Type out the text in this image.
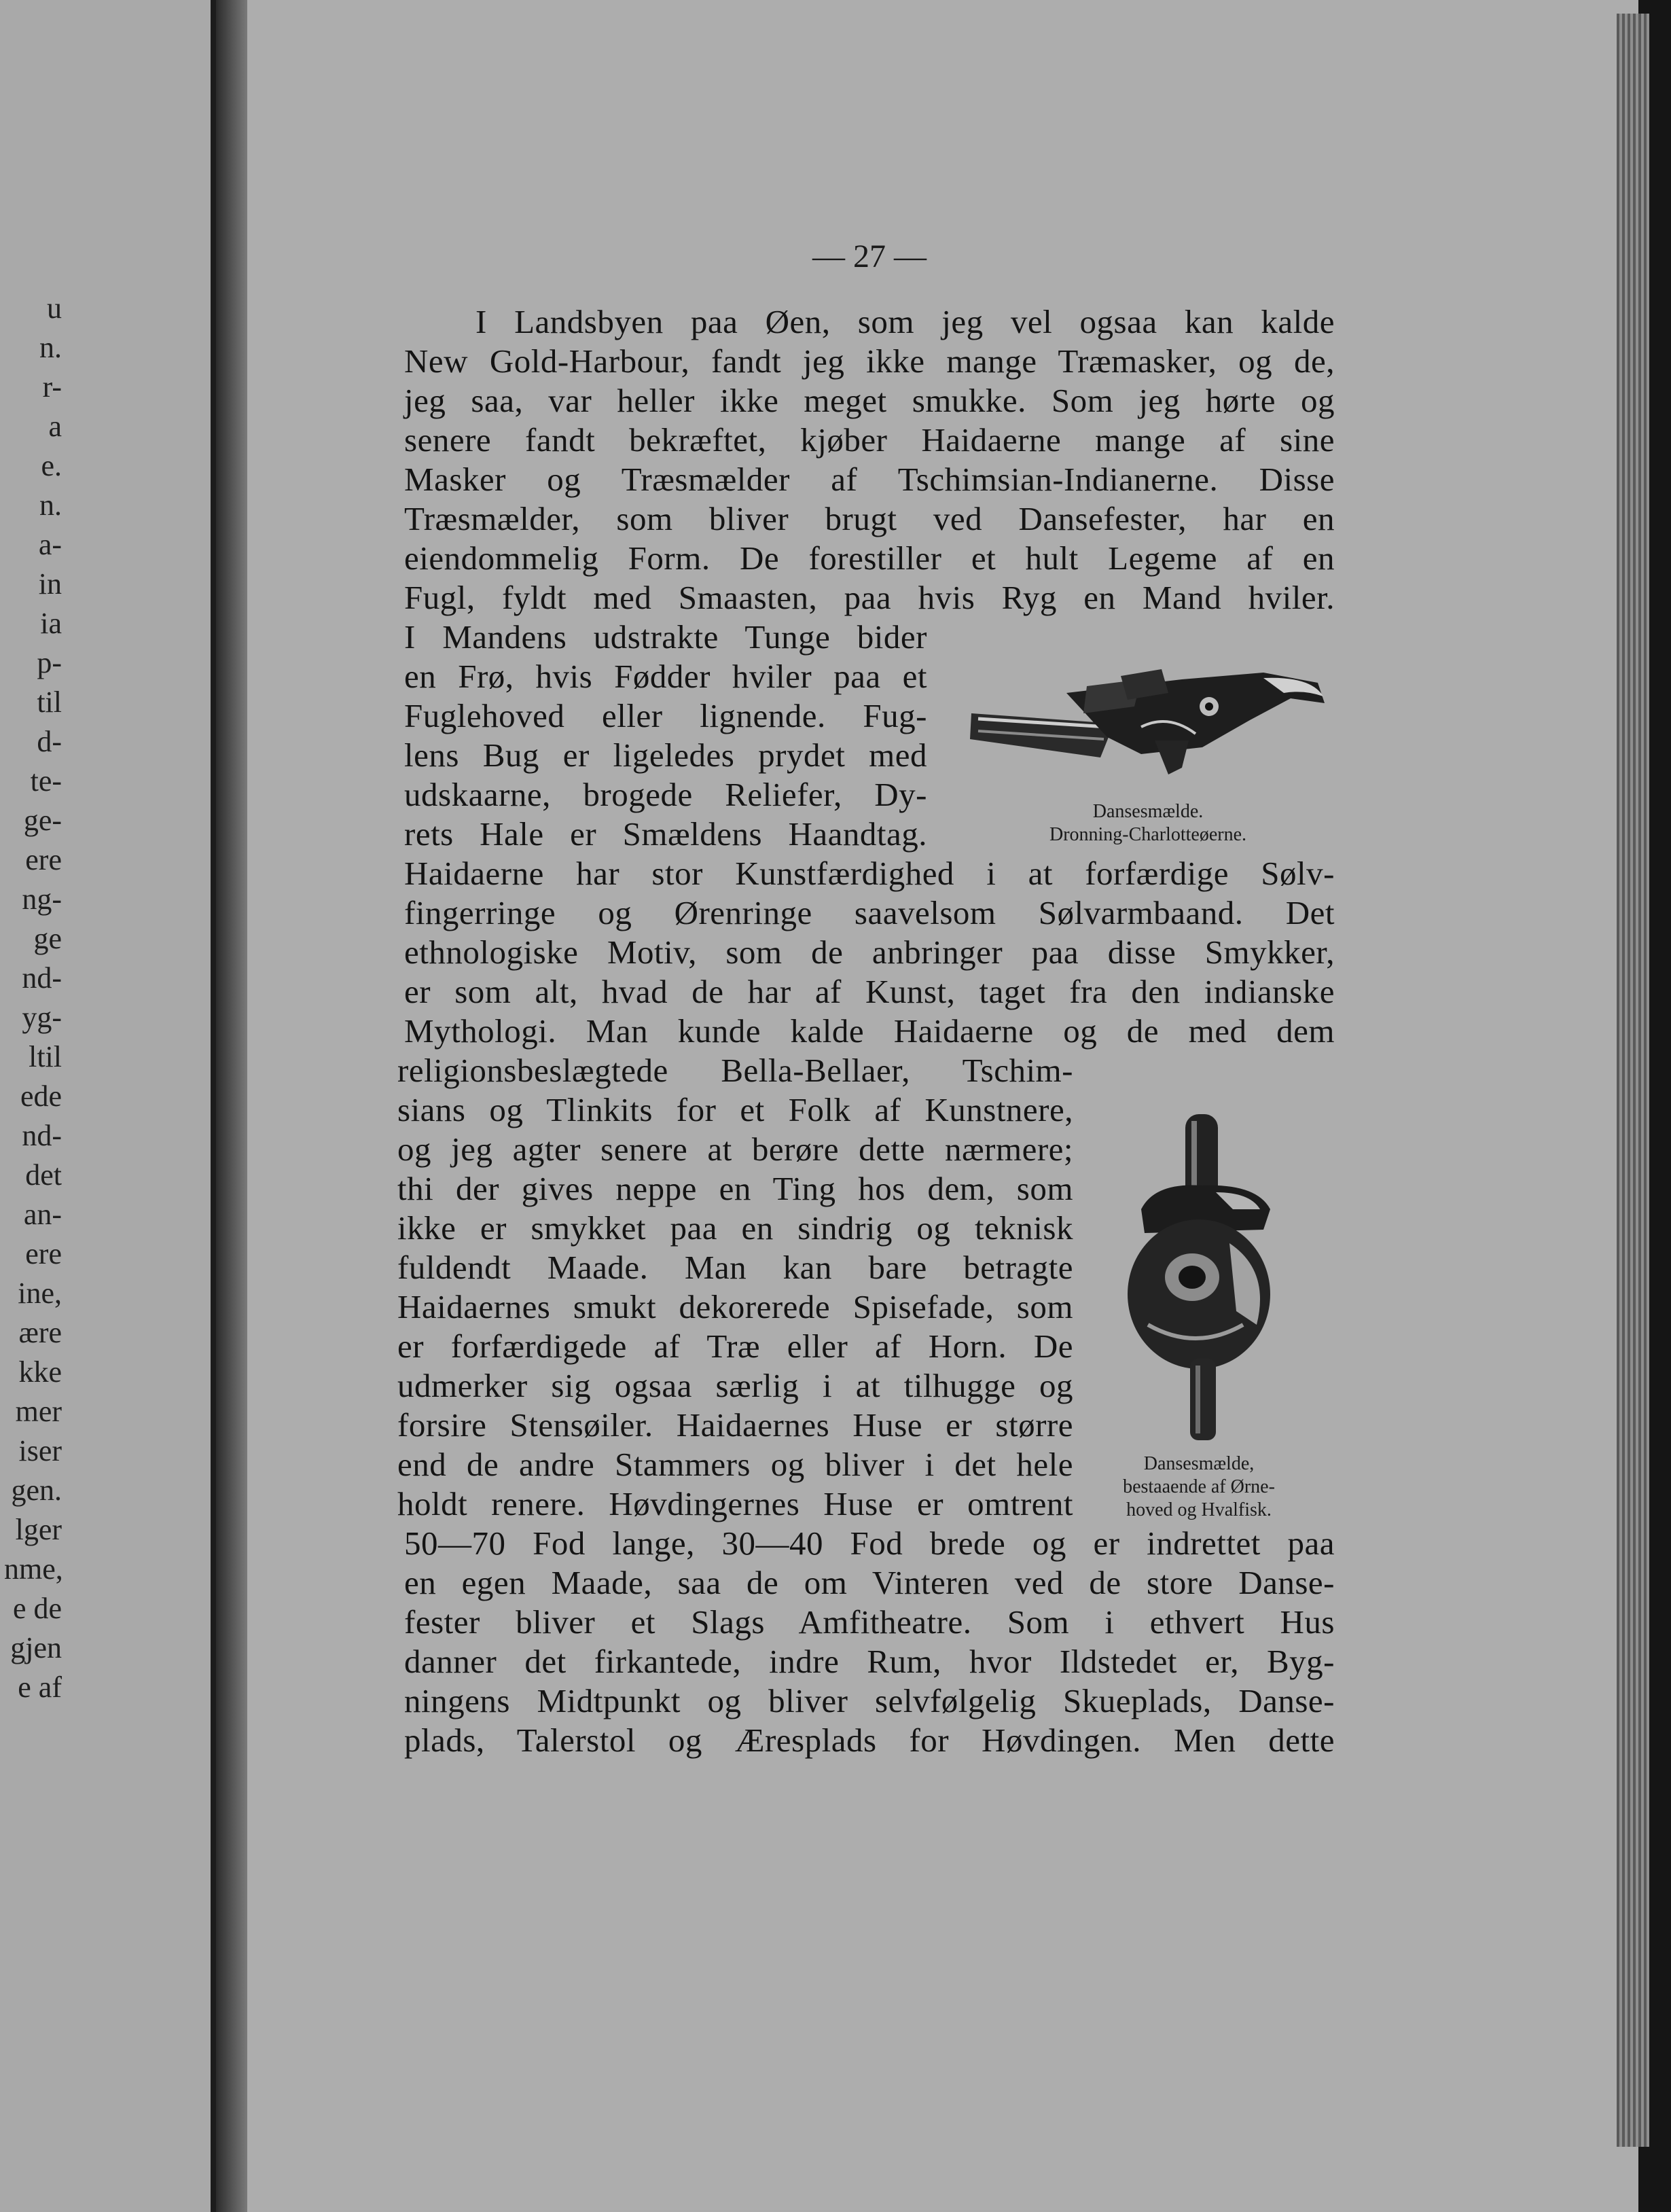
u
n.
r-
a
e.
n.
a-
in
ia
p-
til
d-
te-
ge-
ere
ng-
ge
nd-
yg-
ltil
ede
nd-
det
an-
ere
ine,
ære
kke
mer
iser
gen.
lger
nme,
e de
gjen
e af
— 27 —
I Landsbyen paa Øen, som jeg vel ogsaa kan kalde
New Gold-Harbour, fandt jeg ikke mange Træmasker, og de,
jeg saa, var heller ikke meget smukke. Som jeg hørte og
senere fandt bekræftet, kjøber Haidaerne mange af sine
Masker og Træsmælder af Tschimsian-Indianerne. Disse
Træsmælder, som bliver brugt ved Dansefester, har en
eiendommelig Form. De forestiller et hult Legeme af en
Fugl, fyldt med Smaasten, paa hvis Ryg en Mand hviler.
I Mandens udstrakte Tunge bider
en Frø, hvis Fødder hviler paa et
Fuglehoved eller lignende. Fug-
lens Bug er ligeledes prydet med
udskaarne, brogede Reliefer, Dy-
rets Hale er Smældens Haandtag.
Haidaerne har stor Kunstfærdighed i at forfærdige Sølv-
fingerringe og Ørenringe saavelsom Sølvarmbaand. Det
ethnologiske Motiv, som de anbringer paa disse Smykker,
er som alt, hvad de har af Kunst, taget fra den indianske
Mythologi. Man kunde kalde Haidaerne og de med dem
religionsbeslægtede Bella-Bellaer, Tschim-
sians og Tlinkits for et Folk af Kunstnere,
og jeg agter senere at berøre dette nærmere;
thi der gives neppe en Ting hos dem, som
ikke er smykket paa en sindrig og teknisk
fuldendt Maade. Man kan bare betragte
Haidaernes smukt dekorerede Spisefade, som
er forfærdigede af Træ eller af Horn. De
udmerker sig ogsaa særlig i at tilhugge og
forsire Stensøiler. Haidaernes Huse er større
end de andre Stammers og bliver i det hele
holdt renere. Høvdingernes Huse er omtrent
50—70 Fod lange, 30—40 Fod brede og er indrettet paa
en egen Maade, saa de om Vinteren ved de store Danse-
fester bliver et Slags Amfitheatre. Som i ethvert Hus
danner det firkantede, indre Rum, hvor Ildstedet er, Byg-
ningens Midtpunkt og bliver selvfølgelig Skueplads, Danse-
plads, Talerstol og Æresplads for Høvdingen. Men dette
Dansesmælde.
Dronning-Charlotteøerne.
Dansesmælde,
bestaaende af Ørne-
hoved og Hvalfisk.
